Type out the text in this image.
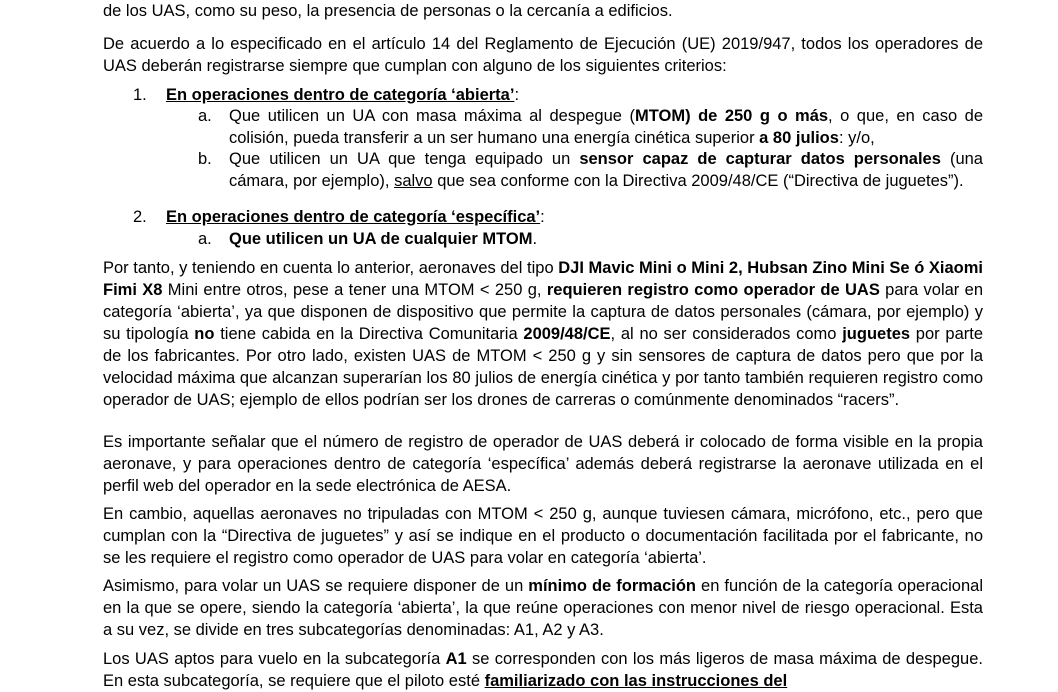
de los UAS, como su peso, la presencia de personas o la cercanía a edificios.
De acuerdo a lo especificado en el artículo 14 del Reglamento de Ejecución (UE) 2019/947, todos los operadores de UAS deberán registrarse siempre que cumplan con alguno de los siguientes criterios:
1. En operaciones dentro de categoría ‘abierta’:
a. Que utilicen un UA con masa máxima al despegue (MTOM) de 250 g o más, o que, en caso de colisión, pueda transferir a un ser humano una energía cinética superior a 80 julios: y/o,
b. Que utilicen un UA que tenga equipado un sensor capaz de capturar datos personales (una cámara, por ejemplo), salvo que sea conforme con la Directiva 2009/48/CE (“Directiva de juguetes”).
2. En operaciones dentro de categoría ‘específica’:
a. Que utilicen un UA de cualquier MTOM.
Por tanto, y teniendo en cuenta lo anterior, aeronaves del tipo DJI Mavic Mini o Mini 2, Hubsan Zino Mini Se ó Xiaomi Fimi X8 Mini entre otros, pese a tener una MTOM < 250 g, requieren registro como operador de UAS para volar en categoría ‘abierta’, ya que disponen de dispositivo que permite la captura de datos personales (cámara, por ejemplo) y su tipología no tiene cabida en la Directiva Comunitaria 2009/48/CE, al no ser considerados como juguetes por parte de los fabricantes. Por otro lado, existen UAS de MTOM < 250 g y sin sensores de captura de datos pero que por la velocidad máxima que alcanzan superarían los 80 julios de energía cinética y por tanto también requieren registro como operador de UAS; ejemplo de ellos podrían ser los drones de carreras o comúnmente denominados “racers”.
Es importante señalar que el número de registro de operador de UAS deberá ir colocado de forma visible en la propia aeronave, y para operaciones dentro de categoría ‘específica’ además deberá registrarse la aeronave utilizada en el perfil web del operador en la sede electrónica de AESA.
En cambio, aquellas aeronaves no tripuladas con MTOM < 250 g, aunque tuviesen cámara, micrófono, etc., pero que cumplan con la “Directiva de juguetes” y así se indique en el producto o documentación facilitada por el fabricante, no se les requiere el registro como operador de UAS para volar en categoría ‘abierta’.
Asimismo, para volar un UAS se requiere disponer de un mínimo de formación en función de la categoría operacional en la que se opere, siendo la categoría ‘abierta’, la que reúne operaciones con menor nivel de riesgo operacional. Esta a su vez, se divide en tres subcategorías denominadas: A1, A2 y A3.
Los UAS aptos para vuelo en la subcategoría A1 se corresponden con los más ligeros de masa máxima de despegue. En esta subcategoría, se requiere que el piloto esté familiarizado con las instrucciones del
